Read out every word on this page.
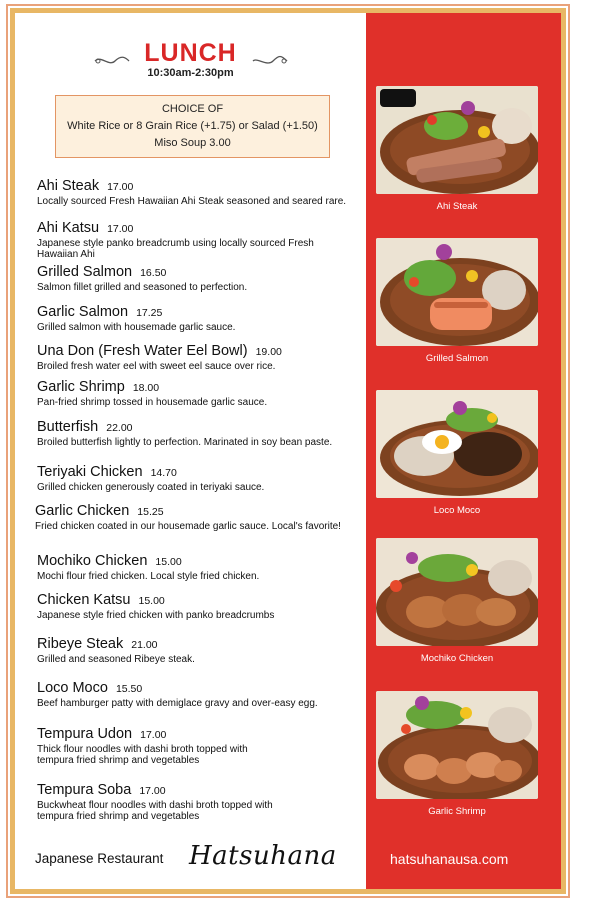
LUNCH
10:30am-2:30pm
CHOICE OF
White Rice or 8 Grain Rice (+1.75) or Salad (+1.50)
Miso Soup 3.00
Ahi Steak 17.00
Locally sourced Fresh Hawaiian Ahi Steak seasoned and seared rare.
Ahi Katsu 17.00
Japanese style panko breadcrumb using locally sourced Fresh Hawaiian Ahi
Grilled Salmon 16.50
Salmon fillet grilled and seasoned to perfection.
Garlic Salmon 17.25
Grilled salmon with housemade garlic sauce.
Una Don (Fresh Water Eel Bowl) 19.00
Broiled fresh water eel with sweet eel sauce over rice.
Garlic Shrimp 18.00
Pan-fried shrimp tossed in housemade garlic sauce.
Butterfish 22.00
Broiled butterfish lightly to perfection. Marinated in soy bean paste.
Teriyaki Chicken 14.70
Grilled chicken generously coated in teriyaki sauce.
Garlic Chicken 15.25
Fried chicken coated in our housemade garlic sauce. Local's favorite!
Mochiko Chicken 15.00
Mochi flour fried chicken. Local style fried chicken.
Chicken Katsu 15.00
Japanese style fried chicken with panko breadcrumbs
Ribeye Steak 21.00
Grilled and seasoned Ribeye steak.
Loco Moco 15.50
Beef hamburger patty with demiglace gravy and over-easy egg.
Tempura Udon 17.00
Thick flour noodles with dashi broth topped with tempura fried shrimp and vegetables
Tempura Soba 17.00
Buckwheat flour noodles with dashi broth topped with tempura fried shrimp and vegetables
Japanese Restaurant Hatsuhana
Ahi Steak
Grilled Salmon
Loco Moco
Mochiko Chicken
Garlic Shrimp
hatsuhanausa.com
